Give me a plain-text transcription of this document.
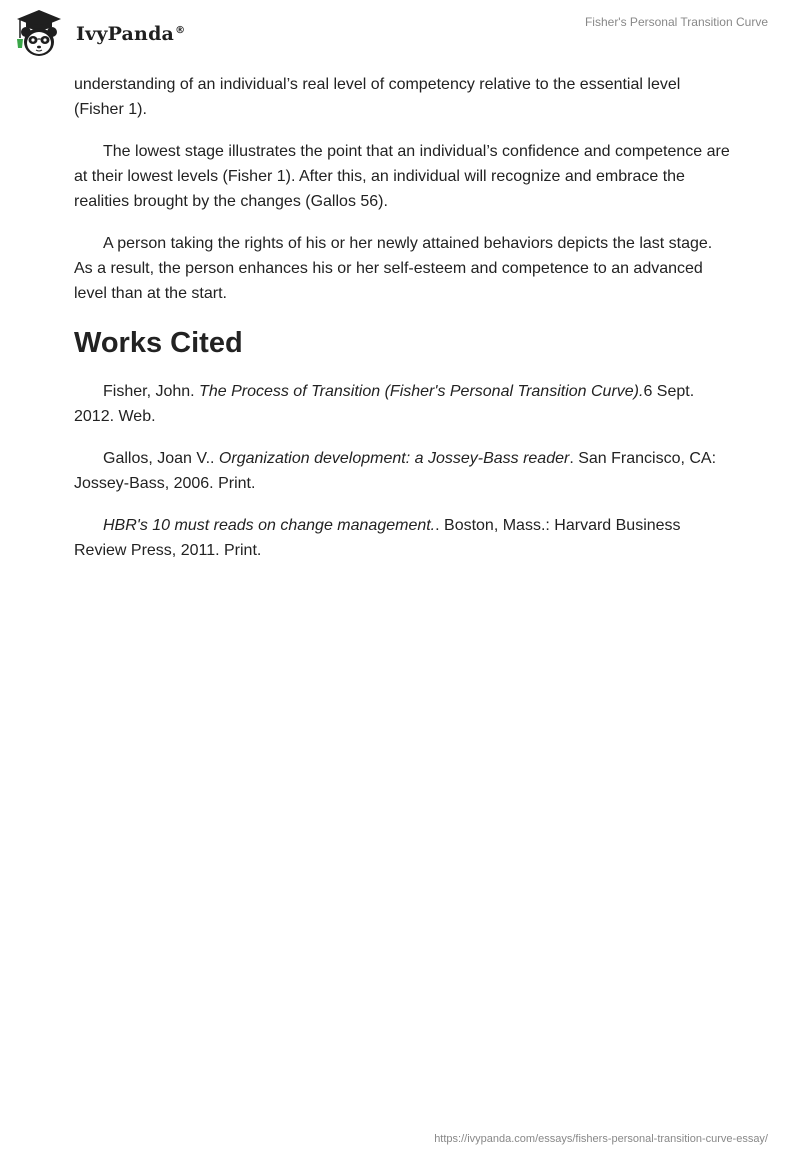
IvyPanda®
Fisher's Personal Transition Curve

understanding of an individual’s real level of competency relative to the essential level (Fisher 1).

The lowest stage illustrates the point that an individual’s confidence and competence are at their lowest levels (Fisher 1). After this, an individual will recognize and embrace the realities brought by the changes (Gallos 56).

A person taking the rights of his or her newly attained behaviors depicts the last stage. As a result, the person enhances his or her self-esteem and competence to an advanced level than at the start.

Works Cited

Fisher, John. The Process of Transition (Fisher's Personal Transition Curve).6 Sept. 2012. Web.

Gallos, Joan V.. Organization development: a Jossey-Bass reader. San Francisco, CA: Jossey-Bass, 2006. Print.

HBR's 10 must reads on change management.. Boston, Mass.: Harvard Business Review Press, 2011. Print.

https://ivypanda.com/essays/fishers-personal-transition-curve-essay/
